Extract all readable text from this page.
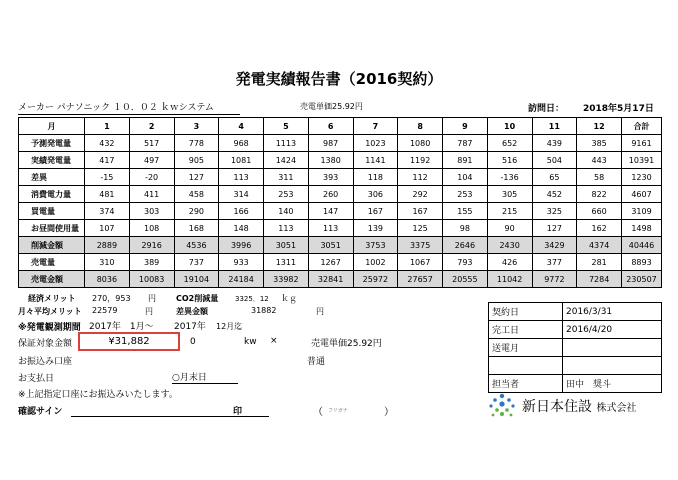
発電実績報告書（2016契約）
メーカー パナソニック １０．０２ ｋｗシステム	売電単価25.92円	訪問日： 2018年5月17日
月	1	2	3	4	5	6	7	8	9	10	11	12	合計
予測発電量	432	517	778	968	1113	987	1023	1080	787	652	439	385	9161
実績発電量	417	497	905	1081	1424	1380	1141	1192	891	516	504	443	10391
差異	-15	-20	127	113	311	393	118	112	104	-136	65	58	1230
消費電力量	481	411	458	314	253	260	306	292	253	305	452	822	4607
買電量	374	303	290	166	140	147	167	167	155	215	325	660	3109
お昼間使用量	107	108	168	148	113	113	139	125	98	90	127	162	1498
削減金額	2889	2916	4536	3996	3051	3051	3753	3375	2646	2430	3429	4374	40446
売電量	310	389	737	933	1311	1267	1002	1067	793	426	377	281	8893
売電金額	8036	10083	19104	24184	33982	32841	25972	27657	20555	11042	9772	7284	230507
経済メリット 270，953 円	CO2削減量 3325．12 ｋｇ
月々平均メリット 22579	円	差異金額	31882	円
※発電観測期間 2017年　1月～ 2017年 12月迄
保証対象金額	¥31,882	0	kw ×	売電単価25.92円
お振込み口座	普通
お支払日	○月末日
※上記指定口座にお振込みいたします。
確認サイン	印	（ フリガナ	）
契約日	2016/3/31
完工日	2016/4/20
送電月	

担当者	田中　奨斗
新日本住設 株式会社
